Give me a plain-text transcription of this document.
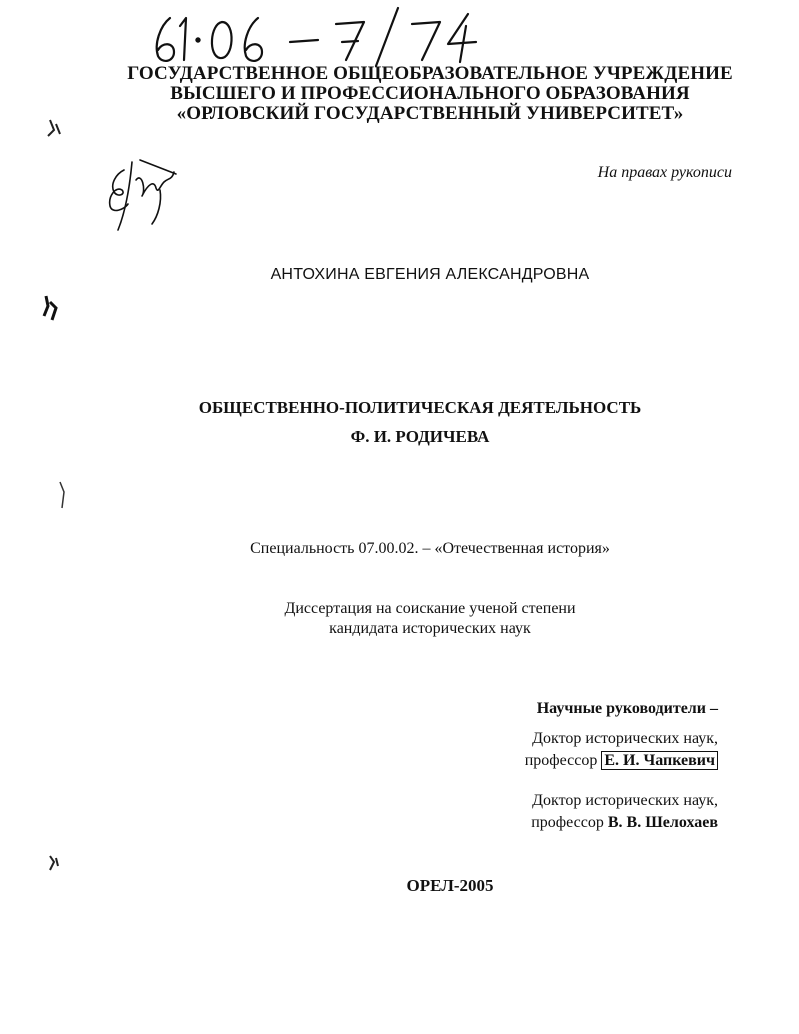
ГОСУДАРСТВЕННОЕ ОБЩЕОБРАЗОВАТЕЛЬНОЕ УЧРЕЖДЕНИЕ
ВЫСШЕГО И ПРОФЕССИОНАЛЬНОГО ОБРАЗОВАНИЯ
«ОРЛОВСКИЙ ГОСУДАРСТВЕННЫЙ УНИВЕРСИТЕТ»
На правах рукописи
АНТОХИНА ЕВГЕНИЯ АЛЕКСАНДРОВНА
ОБЩЕСТВЕННО-ПОЛИТИЧЕСКАЯ ДЕЯТЕЛЬНОСТЬ
Ф. И. РОДИЧЕВА
Специальность 07.00.02. – «Отечественная история»
Диссертация на соискание ученой степени
кандидата исторических наук
Научные руководители –
Доктор исторических наук,
профессор Е. И. Чапкевич
Доктор исторических наук,
профессор В. В. Шелохаев
ОРЕЛ-2005
